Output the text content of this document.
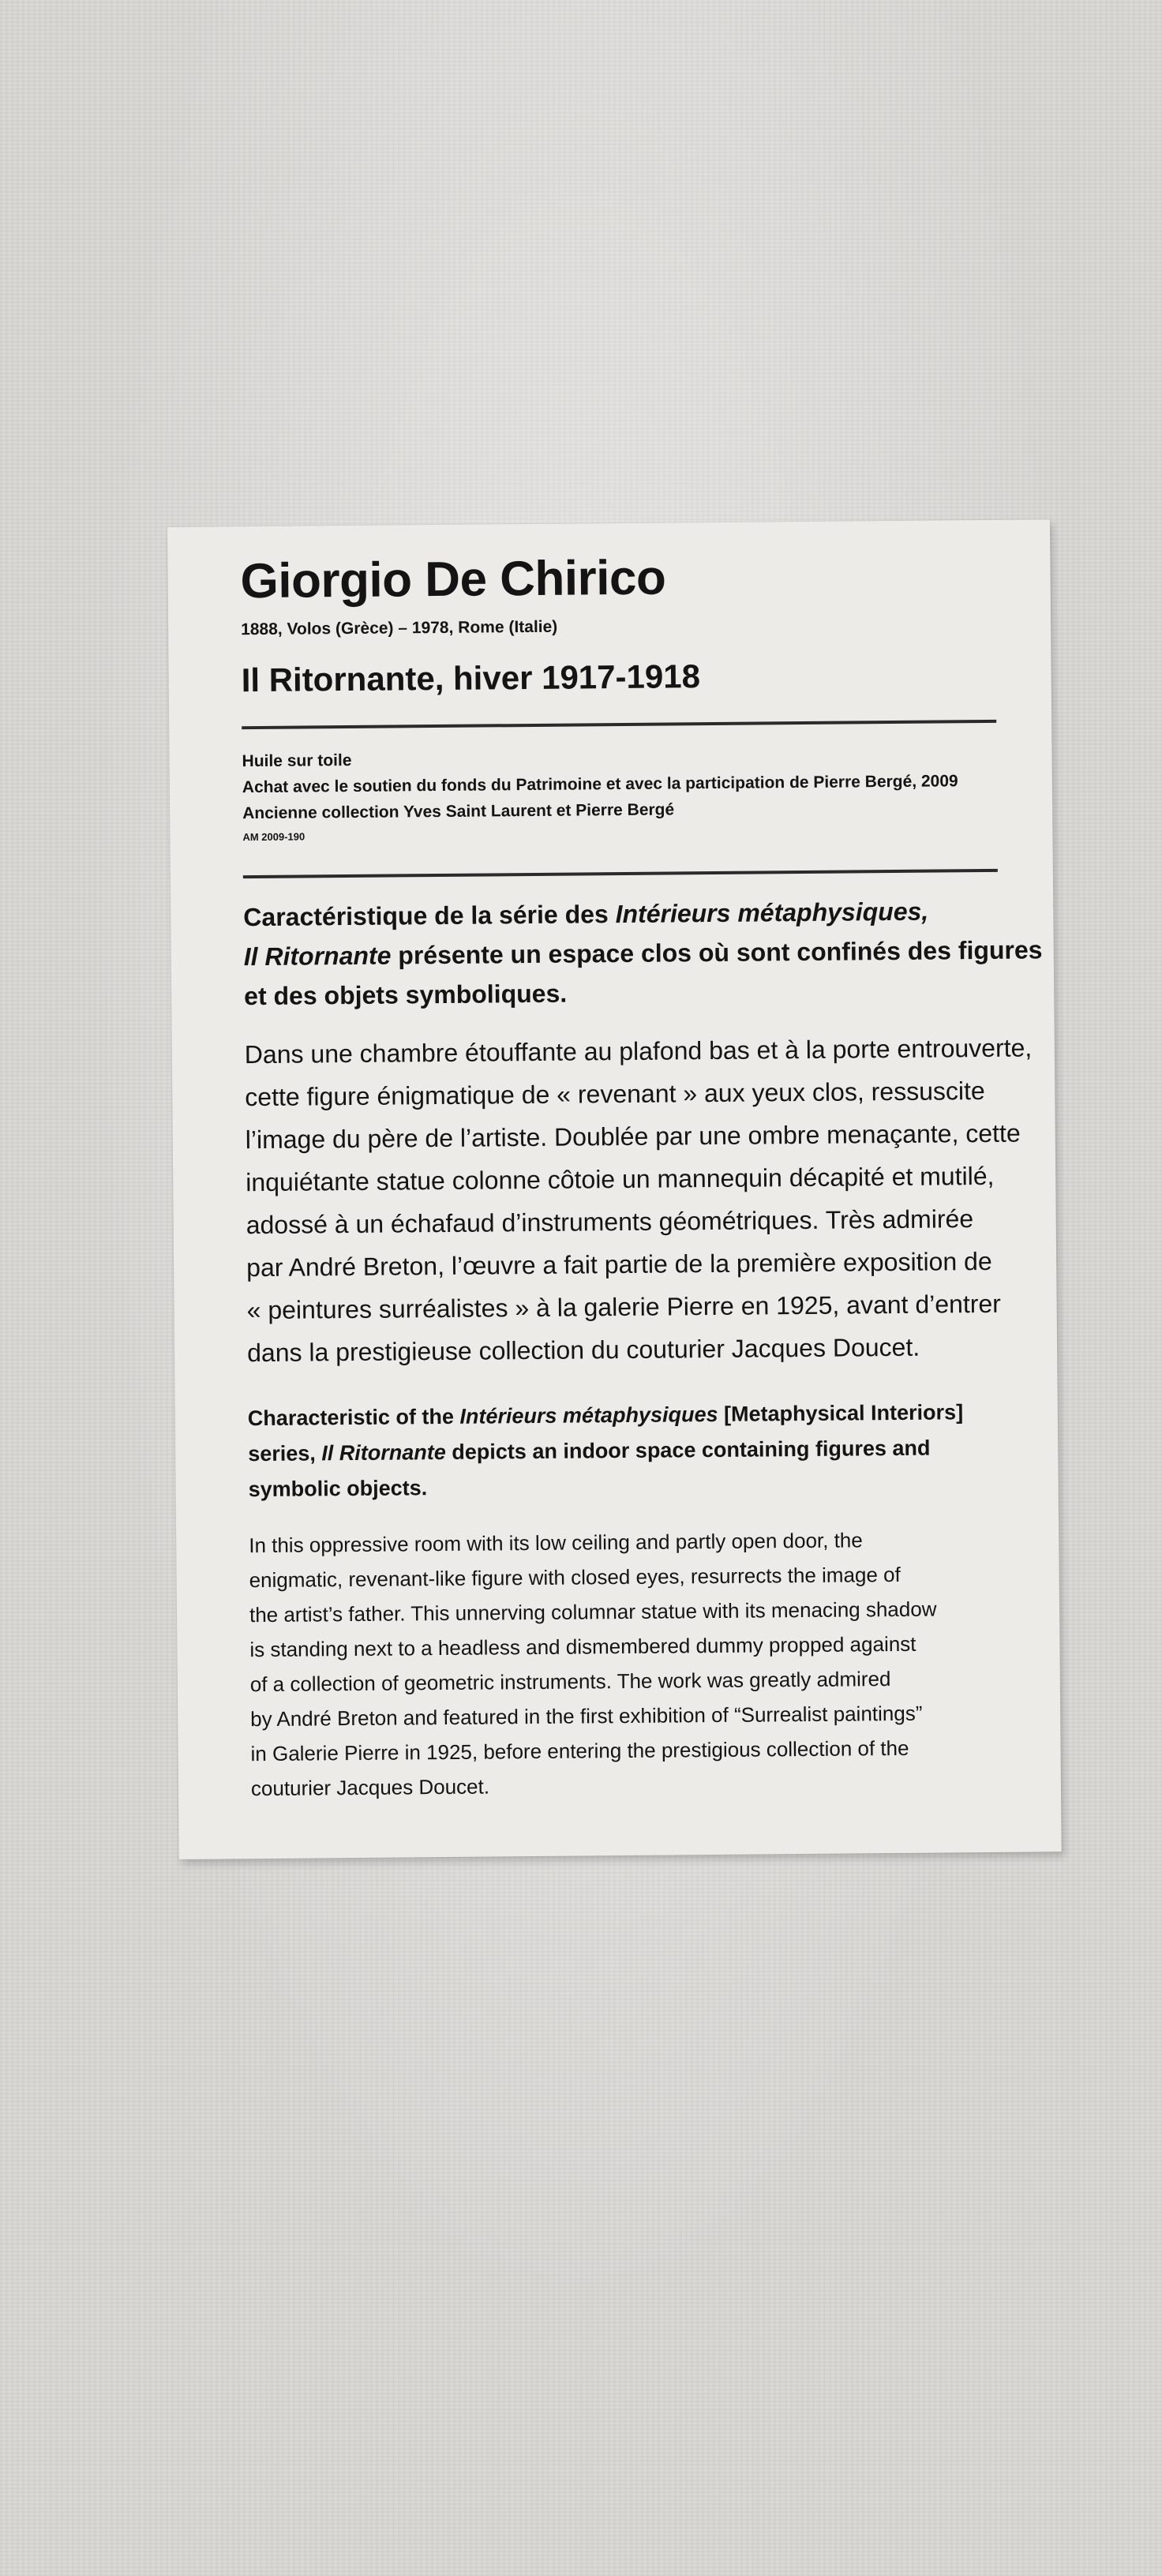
Giorgio De Chirico

1888, Volos (Grèce) – 1978, Rome (Italie)

Il Ritornante, hiver 1917-1918
Huile sur toile
Achat avec le soutien du fonds du Patrimoine et avec la participation de Pierre Bergé, 2009
Ancienne collection Yves Saint Laurent et Pierre Bergé
AM 2009-190

Caractéristique de la série des Intérieurs métaphysiques,
Il Ritornante présente un espace clos où sont confinés des figures
et des objets symboliques.

Dans une chambre étouffante au plafond bas et à la porte entrouverte,
cette figure énigmatique de « revenant » aux yeux clos, ressuscite
l’image du père de l’artiste. Doublée par une ombre menaçante, cette
inquiétante statue colonne côtoie un mannequin décapité et mutilé,
adossé à un échafaud d’instruments géométriques. Très admirée
par André Breton, l’œuvre a fait partie de la première exposition de
« peintures surréalistes » à la galerie Pierre en 1925, avant d’entrer
dans la prestigieuse collection du couturier Jacques Doucet.

Characteristic of the Intérieurs métaphysiques [Metaphysical Interiors]
series, Il Ritornante depicts an indoor space containing figures and
symbolic objects.

In this oppressive room with its low ceiling and partly open door, the
enigmatic, revenant-like figure with closed eyes, resurrects the image of
the artist’s father. This unnerving columnar statue with its menacing shadow
is standing next to a headless and dismembered dummy propped against
of a collection of geometric instruments. The work was greatly admired
by André Breton and featured in the first exhibition of “Surrealist paintings”
in Galerie Pierre in 1925, before entering the prestigious collection of the
couturier Jacques Doucet.
